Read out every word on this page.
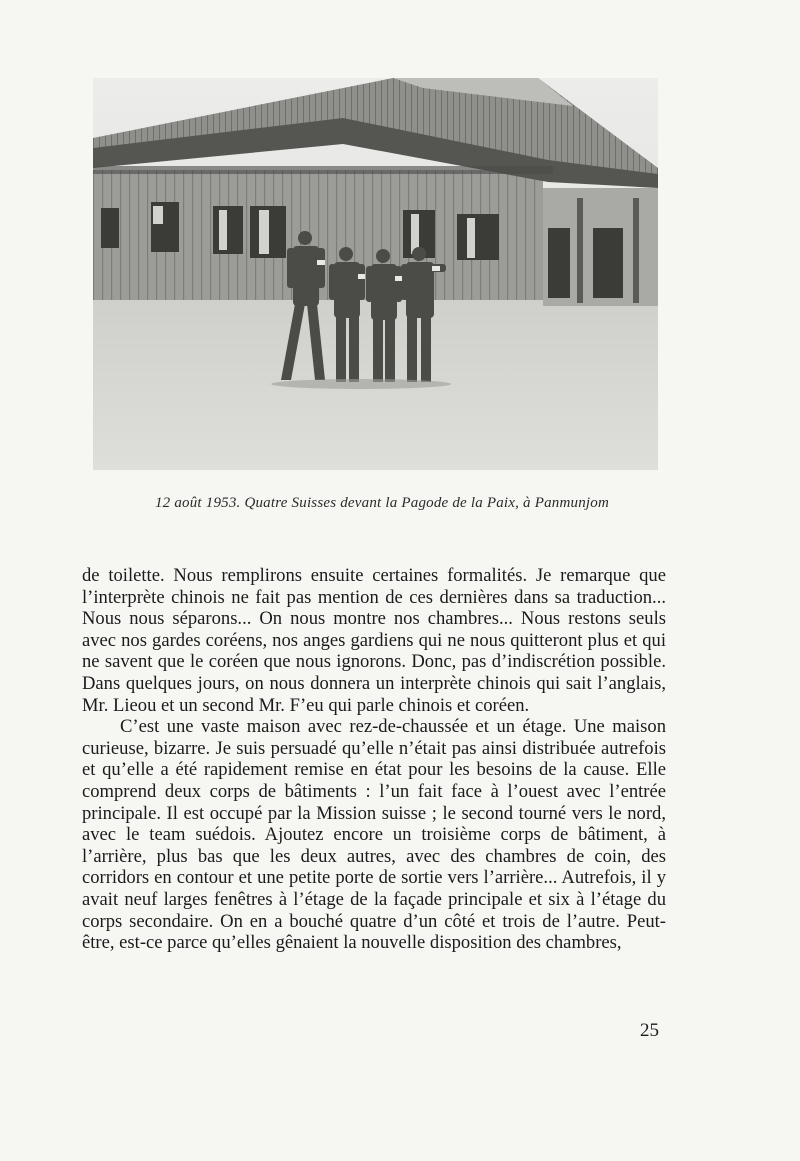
12 août 1953. Quatre Suisses devant la Pagode de la Paix, à Panmunjom

de toilette. Nous remplirons ensuite certaines formalités. Je remarque que l’interprète chinois ne fait pas mention de ces dernières dans sa traduction... Nous nous séparons... On nous montre nos chambres... Nous restons seuls avec nos gardes coréens, nos anges gardiens qui ne nous quitteront plus et qui ne savent que le coréen que nous ignorons. Donc, pas d’indiscrétion possible. Dans quelques jours, on nous donnera un interprète chinois qui sait l’anglais, Mr. Lieou et un second Mr. F’eu qui parle chinois et coréen.

C’est une vaste maison avec rez-de-chaussée et un étage. Une maison curieuse, bizarre. Je suis persuadé qu’elle n’était pas ainsi distribuée autrefois et qu’elle a été rapidement remise en état pour les besoins de la cause. Elle comprend deux corps de bâtiments : l’un fait face à l’ouest avec l’entrée principale. Il est occupé par la Mission suisse ; le second tourné vers le nord, avec le team suédois. Ajoutez encore un troisième corps de bâtiment, à l’arrière, plus bas que les deux autres, avec des chambres de coin, des corridors en contour et une petite porte de sortie vers l’arrière... Autrefois, il y avait neuf larges fenêtres à l’étage de la façade principale et six à l’étage du corps secondaire. On en a bouché quatre d’un côté et trois de l’autre. Peut-être, est-ce parce qu’elles gênaient la nouvelle disposition des chambres,

25
